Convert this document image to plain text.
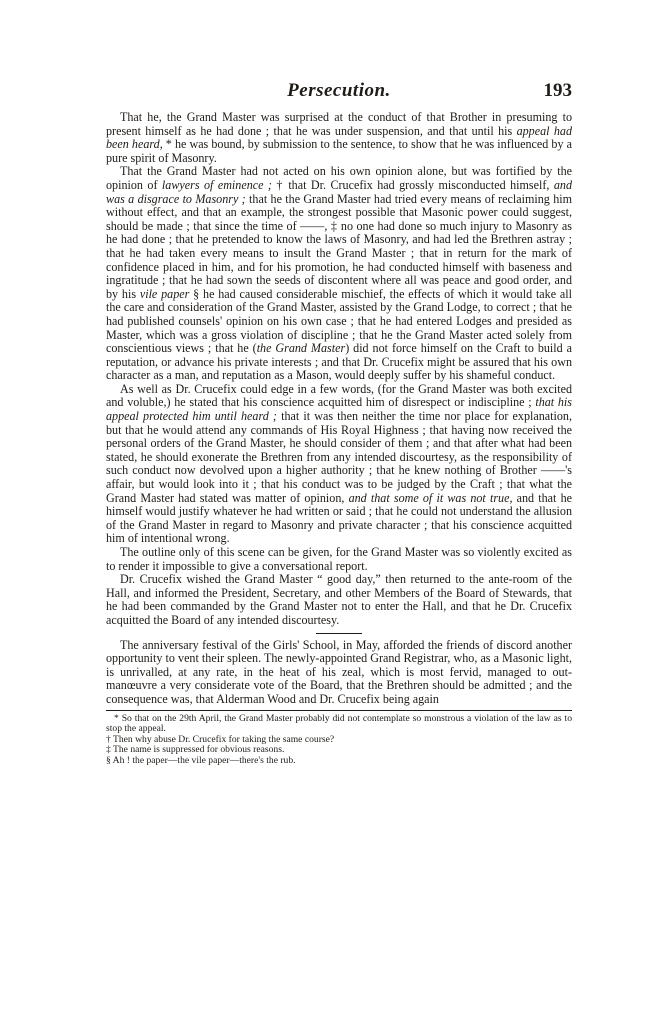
Persecution.	193

That he, the Grand Master was surprised at the conduct of that Brother in presuming to present himself as he had done ; that he was under suspension, and that until his appeal had been heard, * he was bound, by submission to the sentence, to show that he was influenced by a pure spirit of Masonry.

That the Grand Master had not acted on his own opinion alone, but was fortified by the opinion of lawyers of eminence ; † that Dr. Crucefix had grossly misconducted himself, and was a disgrace to Masonry ; that he the Grand Master had tried every means of reclaiming him without effect, and that an example, the strongest possible that Masonic power could suggest, should be made ; that since the time of ——, ‡ no one had done so much injury to Masonry as he had done ; that he pretended to know the laws of Masonry, and had led the Brethren astray ; that he had taken every means to insult the Grand Master ; that in return for the mark of confidence placed in him, and for his promotion, he had conducted himself with baseness and ingratitude ; that he had sown the seeds of discontent where all was peace and good order, and by his vile paper § he had caused considerable mischief, the effects of which it would take all the care and consideration of the Grand Master, assisted by the Grand Lodge, to correct ; that he had published counsels' opinion on his own case ; that he had entered Lodges and presided as Master, which was a gross violation of discipline ; that he the Grand Master acted solely from conscientious views ; that he (the Grand Master) did not force himself on the Craft to build a reputation, or advance his private interests ; and that Dr. Crucefix might be assured that his own character as a man, and reputation as a Mason, would deeply suffer by his shameful conduct.

As well as Dr. Crucefix could edge in a few words, (for the Grand Master was both excited and voluble,) he stated that his conscience acquitted him of disrespect or indiscipline ; that his appeal protected him until heard ; that it was then neither the time nor place for explanation, but that he would attend any commands of His Royal Highness ; that having now received the personal orders of the Grand Master, he should consider of them ; and that after what had been stated, he should exonerate the Brethren from any intended discourtesy, as the responsibility of such conduct now devolved upon a higher authority ; that he knew nothing of Brother ——'s affair, but would look into it ; that his conduct was to be judged by the Craft ; that what the Grand Master had stated was matter of opinion, and that some of it was not true, and that he himself would justify whatever he had written or said ; that he could not understand the allusion of the Grand Master in regard to Masonry and private character ; that his conscience acquitted him of intentional wrong.

The outline only of this scene can be given, for the Grand Master was so violently excited as to render it impossible to give a conversational report.

Dr. Crucefix wished the Grand Master “ good day,” then returned to the ante-room of the Hall, and informed the President, Secretary, and other Members of the Board of Stewards, that he had been commanded by the Grand Master not to enter the Hall, and that he Dr. Crucefix acquitted the Board of any intended discourtesy.

The anniversary festival of the Girls' School, in May, afforded the friends of discord another opportunity to vent their spleen. The newly-appointed Grand Registrar, who, as a Masonic light, is unrivalled, at any rate, in the heat of his zeal, which is most fervid, managed to out-manœuvre a very considerate vote of the Board, that the Brethren should be admitted ; and the consequence was, that Alderman Wood and Dr. Crucefix being again

* So that on the 29th April, the Grand Master probably did not contemplate so monstrous a violation of the law as to stop the appeal.
† Then why abuse Dr. Crucefix for taking the same course?
‡ The name is suppressed for obvious reasons.
§ Ah ! the paper—the vile paper—there's the rub.
